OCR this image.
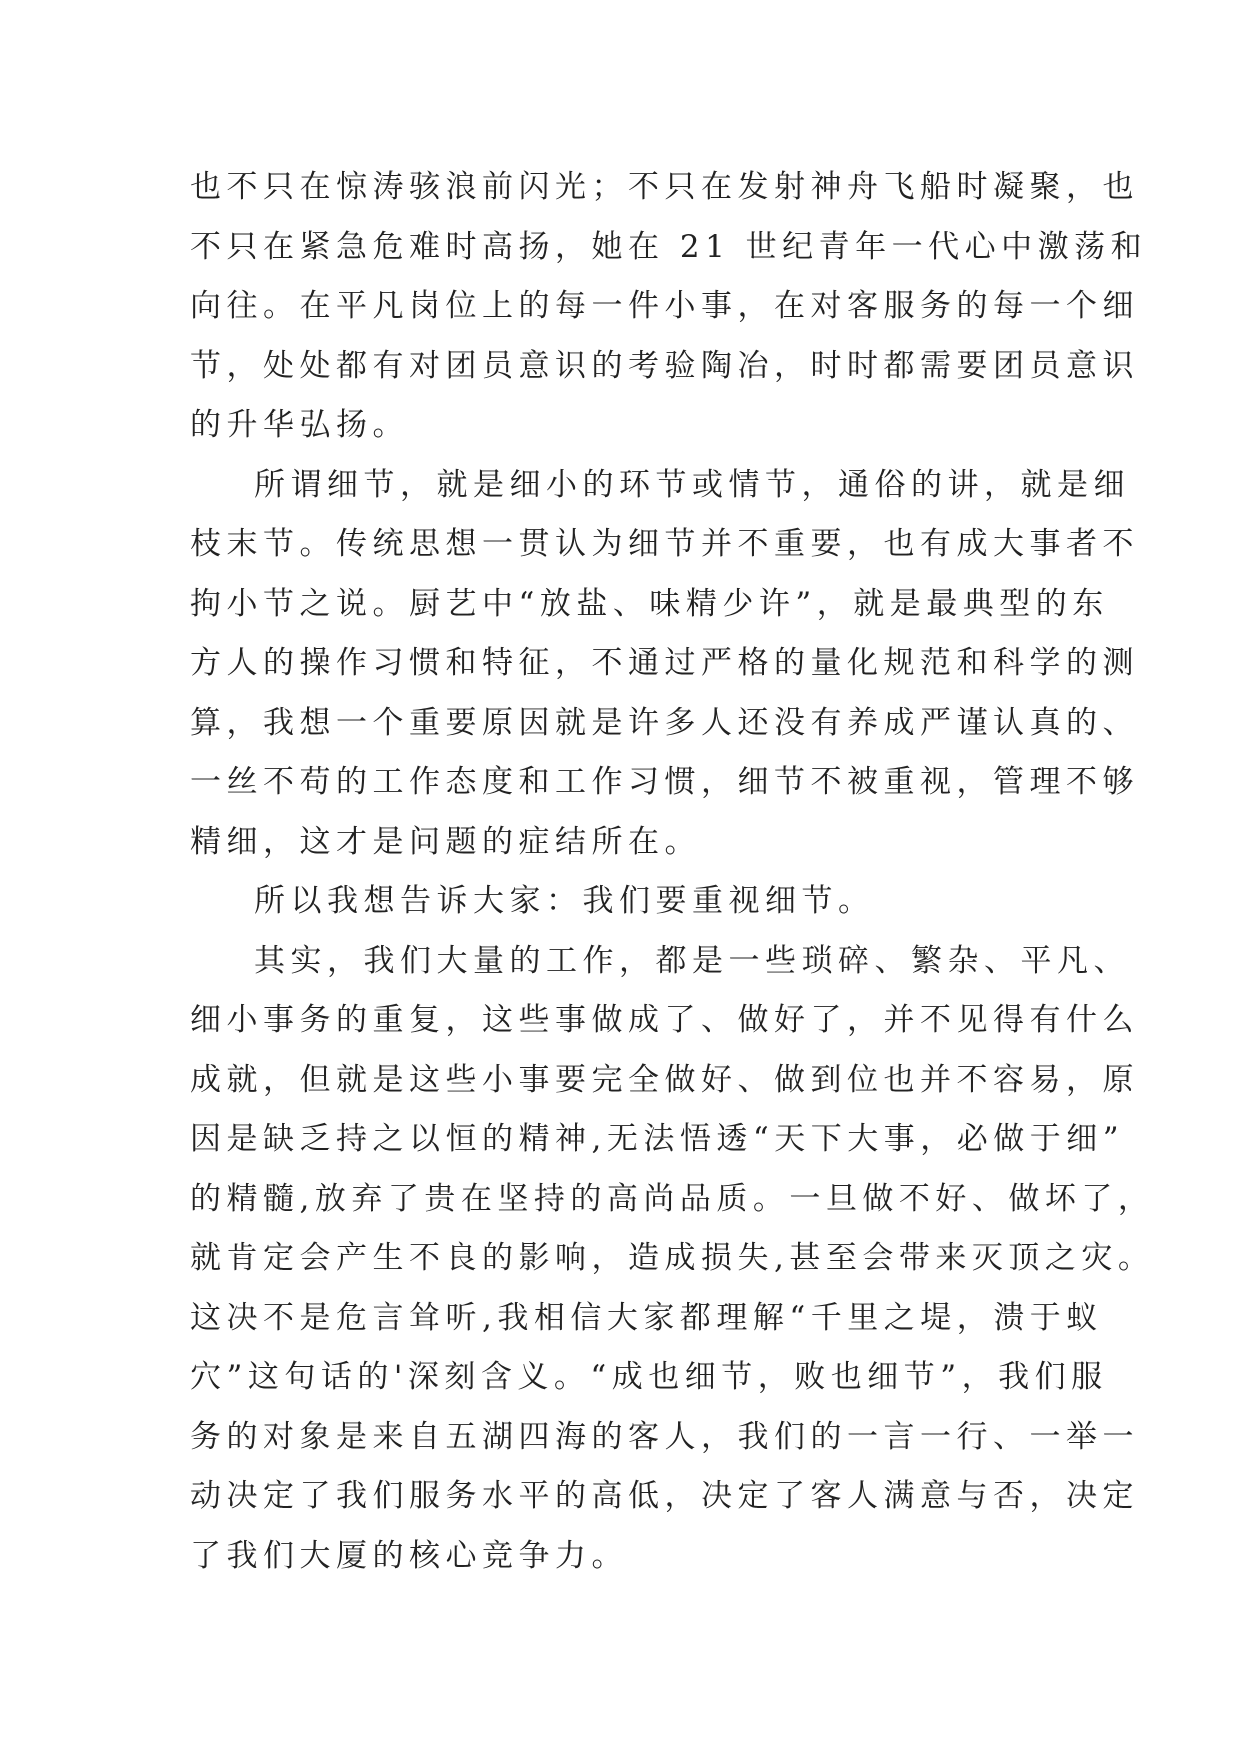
也不只在惊涛骇浪前闪光；不只在发射神舟飞船时凝聚，也
不只在紧急危难时高扬，她在 21 世纪青年一代心中激荡和
向往。在平凡岗位上的每一件小事，在对客服务的每一个细
节，处处都有对团员意识的考验陶冶，时时都需要团员意识
的升华弘扬。
所谓细节，就是细小的环节或情节，通俗的讲，就是细
枝末节。传统思想一贯认为细节并不重要，也有成大事者不
拘小节之说。厨艺中“放盐、味精少许”，就是最典型的东
方人的操作习惯和特征，不通过严格的量化规范和科学的测
算，我想一个重要原因就是许多人还没有养成严谨认真的、
一丝不苟的工作态度和工作习惯，细节不被重视，管理不够
精细，这才是问题的症结所在。
所以我想告诉大家：我们要重视细节。
其实，我们大量的工作，都是一些琐碎、繁杂、平凡、
细小事务的重复，这些事做成了、做好了，并不见得有什么
成就，但就是这些小事要完全做好、做到位也并不容易，原
因是缺乏持之以恒的精神,无法悟透“天下大事，必做于细”
的精髓,放弃了贵在坚持的高尚品质。一旦做不好、做坏了，
就肯定会产生不良的影响，造成损失,甚至会带来灭顶之灾。
这决不是危言耸听,我相信大家都理解“千里之堤，溃于蚁
穴”这句话的'深刻含义。“成也细节，败也细节”，我们服
务的对象是来自五湖四海的客人，我们的一言一行、一举一
动决定了我们服务水平的高低，决定了客人满意与否，决定
了我们大厦的核心竞争力。
